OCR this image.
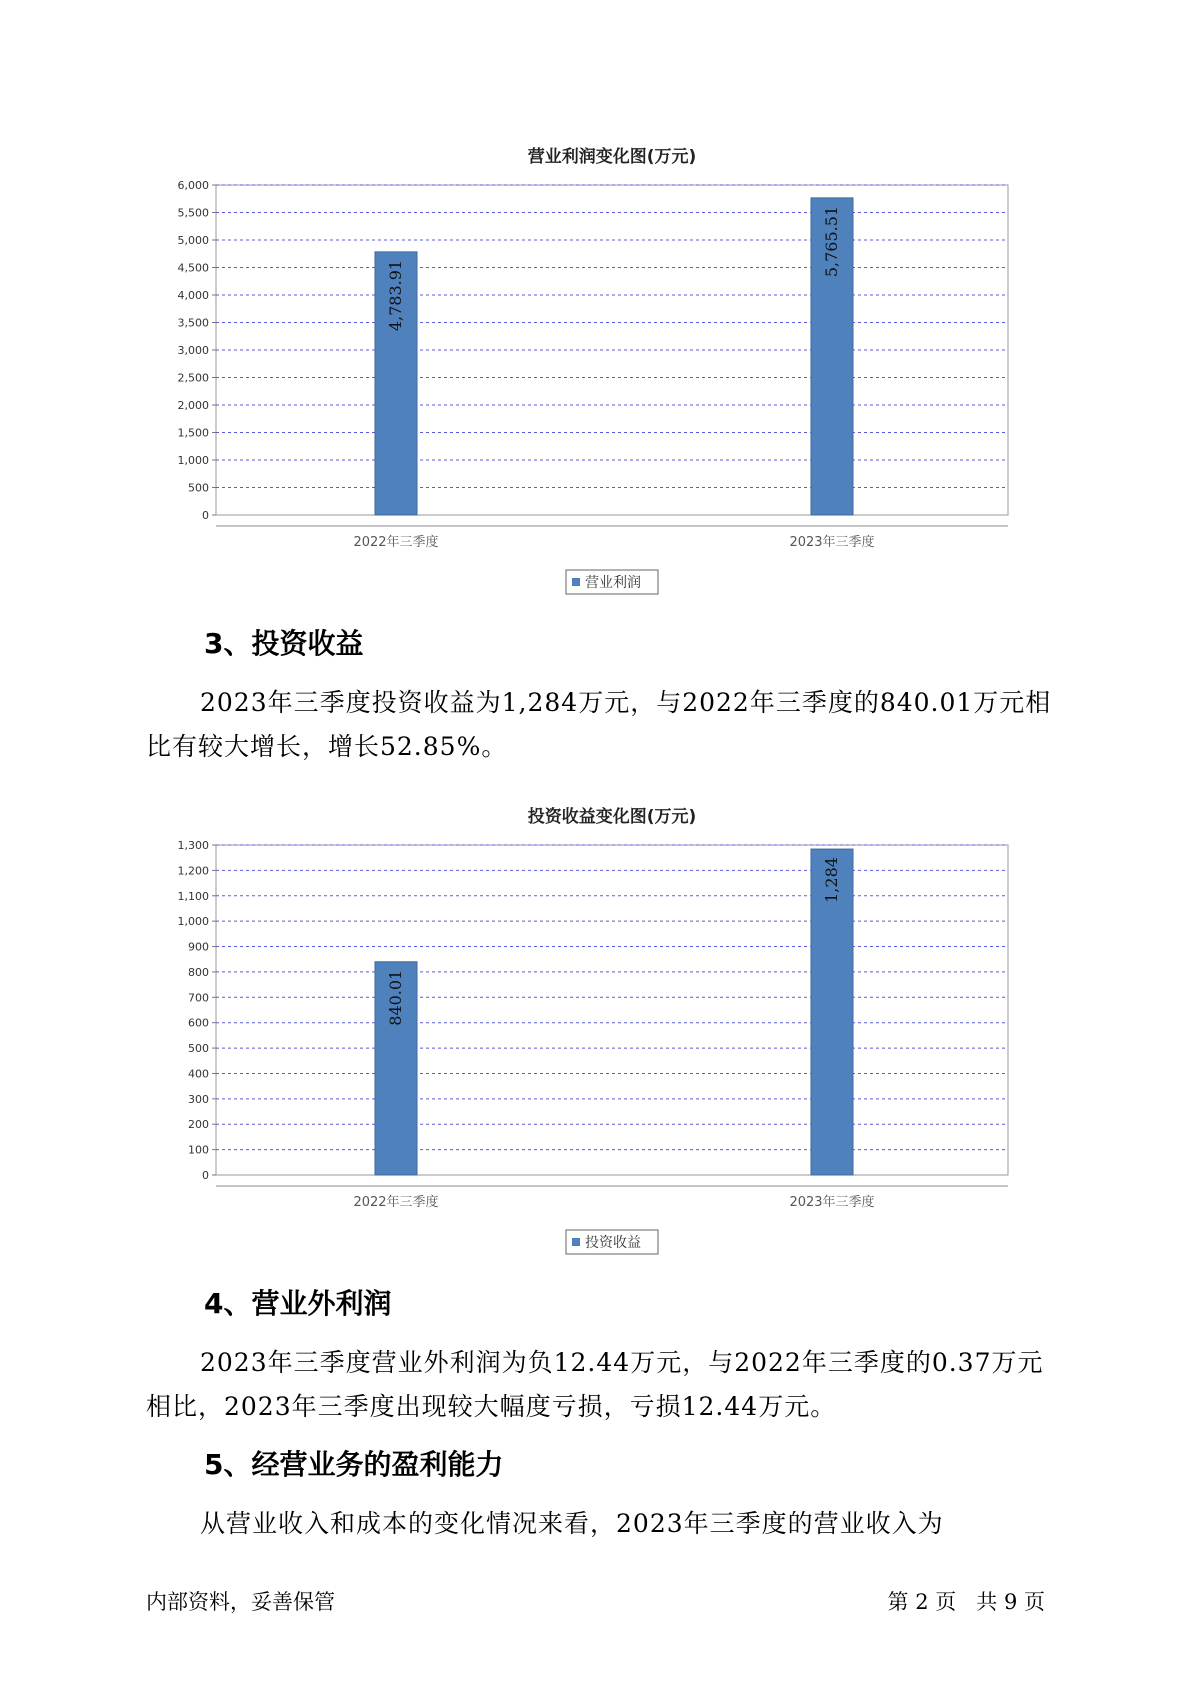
营业利润变化图(万元)
0
500
1,000
1,500
2,000
2,500
3,000
3,500
4,000
4,500
5,000
5,500
6,000
4,783.91
2022年三季度
5,765.51
2023年三季度
营业利润
3、投资收益

2023年三季度投资收益为1,284万元，与2022年三季度的840.01万元相比有较大增长，增长52.85%。

投资收益变化图(万元)
0
100
200
300
400
500
600
700
800
900
1,000
1,100
1,200
1,300
840.01
2022年三季度
1,284
2023年三季度
投资收益
4、营业外利润

2023年三季度营业外利润为负12.44万元，与2022年三季度的0.37万元相比，2023年三季度出现较大幅度亏损，亏损12.44万元。

5、经营业务的盈利能力

从营业收入和成本的变化情况来看，2023年三季度的营业收入为

内部资料，妥善保管	第 2 页   共 9 页
